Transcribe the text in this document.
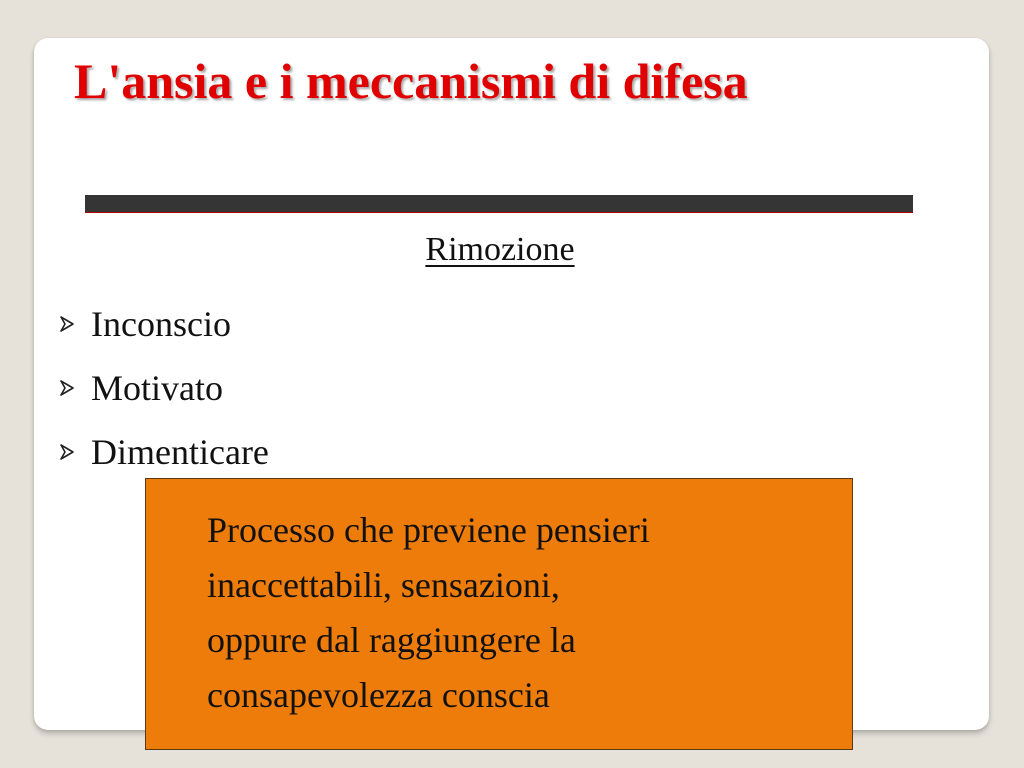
L'ansia e i meccanismi di difesa
Rimozione
Inconscio
Motivato
Dimenticare
Processo che previene pensieri
inaccettabili, sensazioni,
oppure dal raggiungere la
consapevolezza conscia
